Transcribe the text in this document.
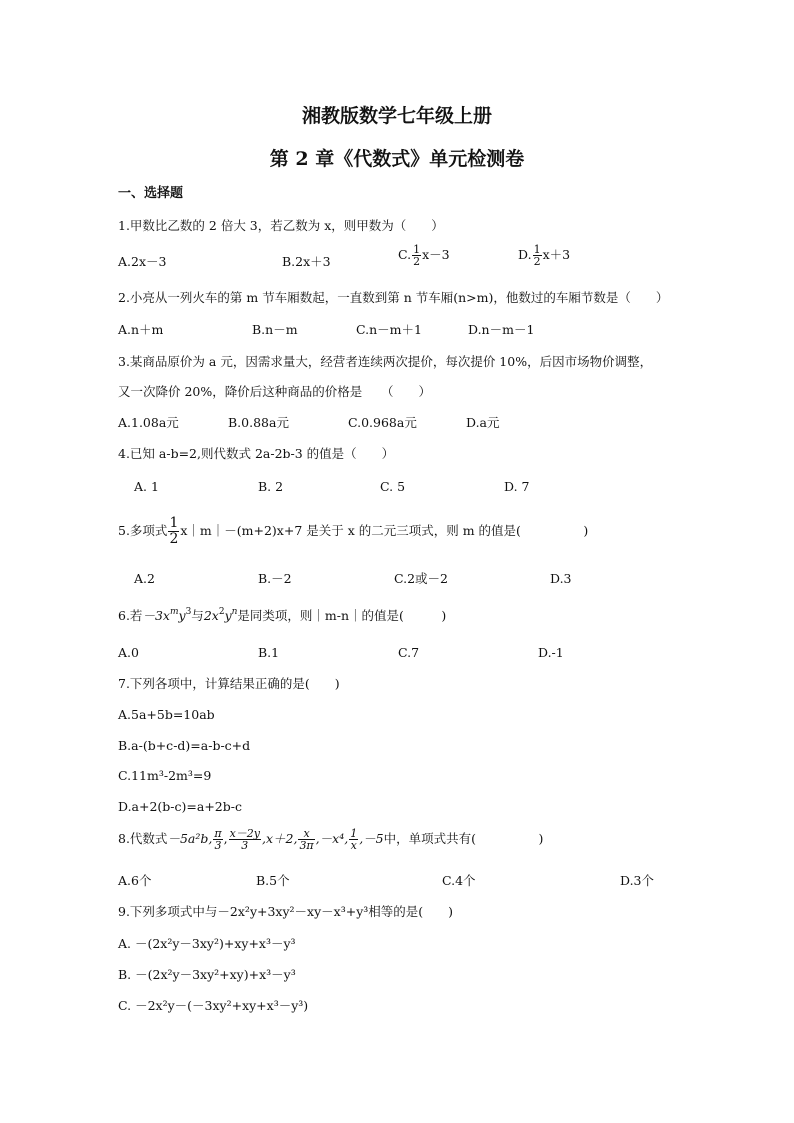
湘教版数学七年级上册
第 2 章《代数式》单元检测卷
一、选择题
1.甲数比乙数的 2 倍大 3，若乙数为 x，则甲数为（　　）
A.2x－3	B.2x＋3	C. $\frac{1}{2} x-3$	D. $\frac{1}{2} x+3$
2.小亮从一列火车的第 m 节车厢数起，一直数到第 n 节车厢(n>m)，他数过的车厢节数是（　　）
A.n＋m	B.n－m	C.n－m＋1	D.n－m－1
3.某商品原价为 a 元，因需求量大，经营者连续两次提价，每次提价 10%，后因市场物价调整，
又一次降价 20%，降价后这种商品的价格是　　（　　）
A.1.08a元	B.0.88a元	C.0.968a元	D.a元
4.已知 a-b=2,则代数式 2a-2b-3 的值是（　　）
A. 1	B. 2	C. 5	D. 7
5.多项式 $\frac{1}{2}$ x｜m｜－(m+2)x+7 是关于 x 的二元三项式，则 m 的值是(　　　　　)
A.2	B.－2	C.2或－2	D.3
6.若$-3x^my^3$与$2x^2y^n$是同类项，则｜m-n｜的值是(　　　)
A.0	B.1	C.7	D.-1
7.下列各项中，计算结果正确的是(　　)
A.5a+5b=10ab
B.a-(b+c-d)=a-b-c+d
C.11m³-2m³=9
D.a+2(b-c)=a+2b-c
8.代数式－5a²b, $\frac{\pi}{3}$ , $\frac{x-2y}{3} ,x+2$, $\frac{x}{3\pi} ,-x^4$, $\frac{1}{x} ,-5$中，单项式共有(　　　　　)
A.6个	B.5个	C.4个	D.3个
9.下列多项式中与－2x²y+3xy²－xy－x³+y³相等的是(　　)
A. －(2x²y－3xy²)+xy+x³－y³
B. －(2x²y－3xy²+xy)+x³－y³
C. －2x²y－(－3xy²+xy+x³－y³)
